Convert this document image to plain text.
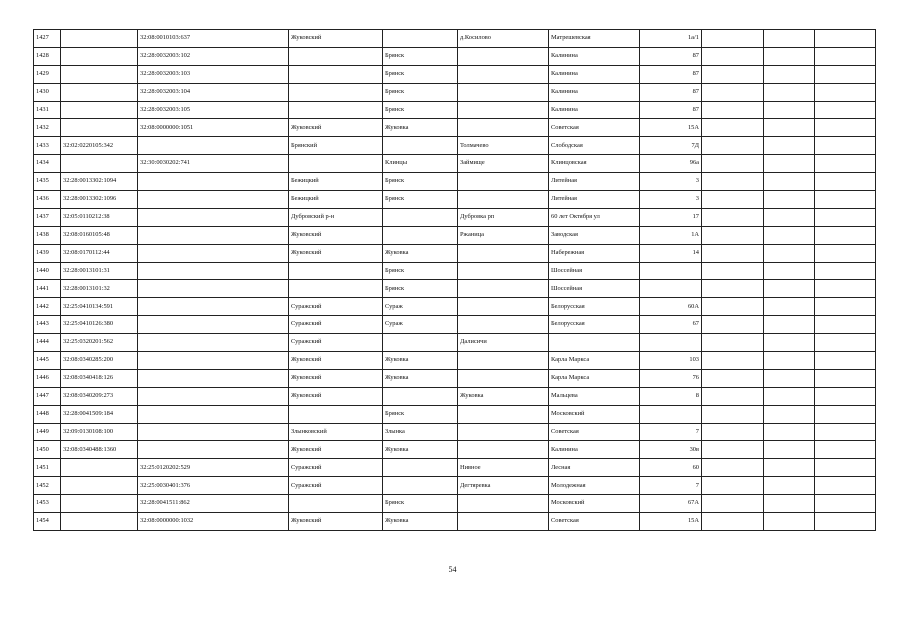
1427		32:08:0010103:637	Жуковский		д.Косилово	Матрешевская	1а/1			
1428		32:28:0032003:102		Брянск		Калинина	87			
1429		32:28:0032003:103		Брянск		Калинина	87			
1430		32:28:0032003:104		Брянск		Калинина	87			
1431		32:28:0032003:105		Брянск		Калинина	87			
1432		32:08:0000000:1051	Жуковский	Жуковка		Советская	15А			
1433	32:02:0220105:342		Брянский		Толмачево	Слободская	7Д			
1434		32:30:0030202:741		Клинцы	Займище	Клинцовская	96а			
1435	32:28:0013302:1094		Бежицкий	Брянск		Литейная	3			
1436	32:28:0013302:1096		Бежицкий	Брянск		Литейная	3			
1437	32:05:0110212:38		Дубровский р-н		Дубровка рп	60 лет Октября ул	17			
1438	32:08:0160105:48		Жуковский		Ржаница	Заводская	1А			
1439	32:08:0170112:44		Жуковский	Жуковка		Набережная	14			
1440	32:28:0013101:31			Брянск		Шоссейная				
1441	32:28:0013101:32			Брянск		Шоссейная				
1442	32:25:0410134:591		Суражский	Сураж		Белорусская	60А			
1443	32:25:0410126:380		Суражский	Сураж		Белорусская	67			
1444	32:25:0320201:562		Суражский		Далисичи					
1445	32:08:0340285:200		Жуковский	Жуковка		Карла Маркса	103			
1446	32:08:0340418:126		Жуковский	Жуковка		Карла Маркса	76			
1447	32:08:0340209:273		Жуковский		Жуковка	Мальцева	8			
1448	32:28:0041509:184			Брянск		Московский				
1449	32:09:0130108:100		Злынковский	Злынка		Советская	7			
1450	32:08:0340488:1360		Жуковский	Жуковка		Калинина	30в			
1451		32:25:0120202:529	Суражский		Нивное	Лесная	60			
1452		32:25:0030401:376	Суражский		Дегтяревка	Молодежная	7			
1453		32:28:0041511:862		Брянск		Московский	67А			
1454		32:08:0000000:1032	Жуковский	Жуковка		Советская	15А			
54
